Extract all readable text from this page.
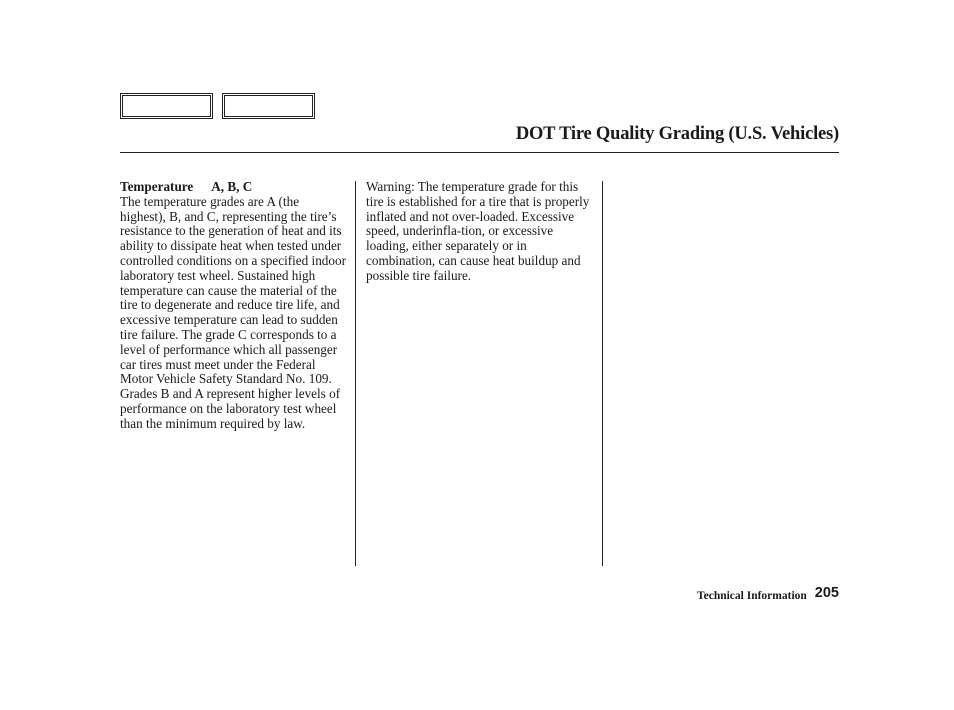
DOT Tire Quality Grading (U.S. Vehicles)
Temperature A, B, C

The temperature grades are A (the highest), B, and C, representing the tire’s resistance to the generation of heat and its ability to dissipate heat when tested under controlled conditions on a specified indoor laboratory test wheel. Sustained high temperature can cause the material of the tire to degenerate and reduce tire life, and excessive temperature can lead to sudden tire failure. The grade C corresponds to a level of performance which all passenger car tires must meet under the Federal Motor Vehicle Safety Standard No. 109. Grades B and A represent higher levels of performance on the laboratory test wheel than the minimum required by law.

Warning: The temperature grade for this tire is established for a tire that is properly inflated and not over-loaded. Excessive speed, underinfla-tion, or excessive loading, either separately or in combination, can cause heat buildup and possible tire failure.

Technical Information 205
